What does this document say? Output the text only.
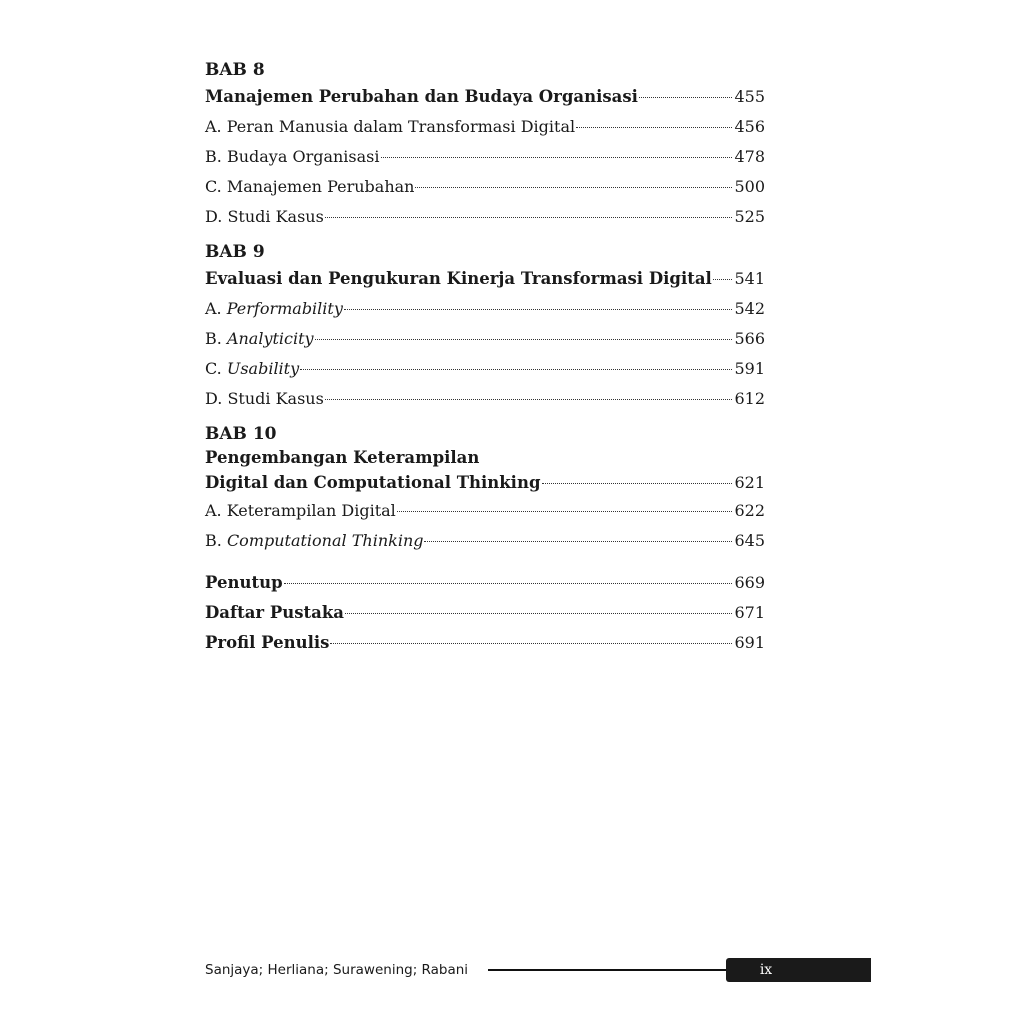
BAB 8
Manajemen Perubahan dan Budaya Organisasi	455
A. Peran Manusia dalam Transformasi Digital	456
B. Budaya Organisasi	478
C. Manajemen Perubahan	500
D. Studi Kasus	525
BAB 9
Evaluasi dan Pengukuran Kinerja Transformasi Digital 541
A. Performability	542
B. Analyticity	566
C. Usability	591
D. Studi Kasus	612
BAB 10
Pengembangan Keterampilan
Digital dan Computational Thinking	621
A. Keterampilan Digital	622
B. Computational Thinking	645
Penutup	669
Daftar Pustaka	671
Profil Penulis	691
Sanjaya; Herliana; Surawening; Rabani	ix
